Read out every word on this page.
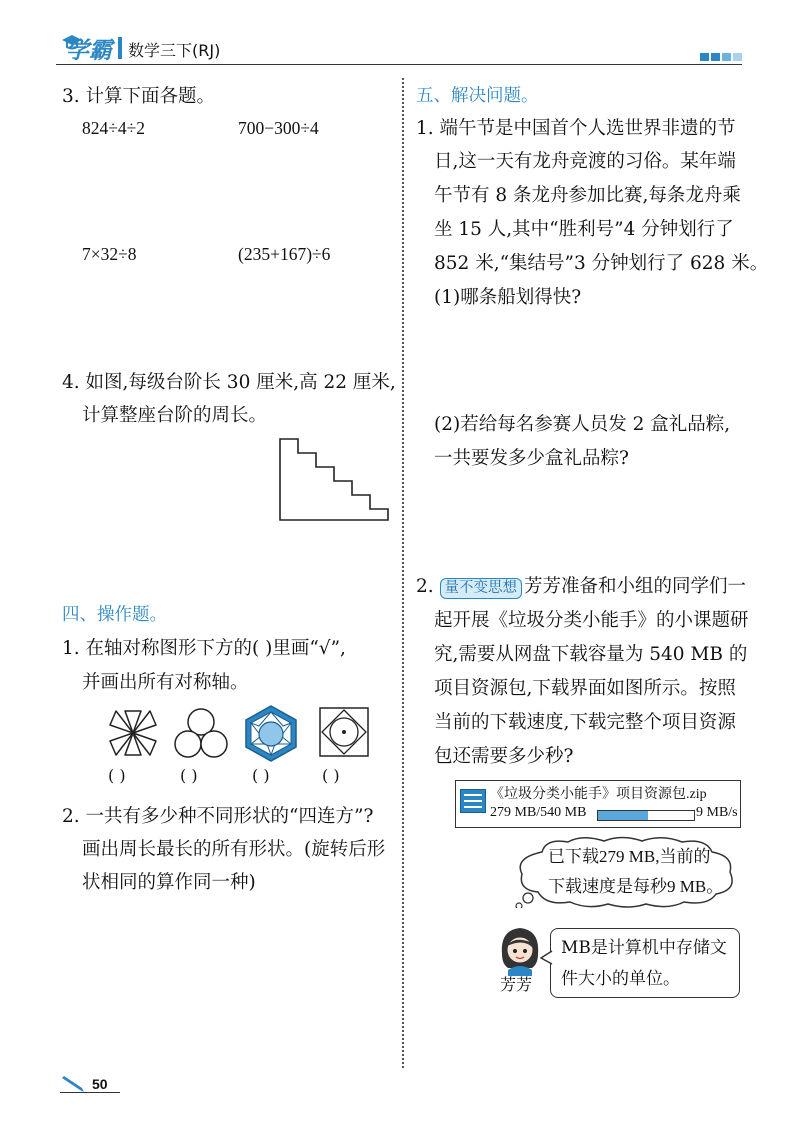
学霸 数学三下(RJ)
3. 计算下面各题。
824÷4÷2	700−300÷4
7×32÷8	(235+167)÷6
4. 如图,每级台阶长 30 厘米,高 22 厘米,
计算整座台阶的周长。
四、操作题。
1. 在轴对称图形下方的( )里画“√”,
并画出所有对称轴。
( )	( )	( )	( )
2. 一共有多少种不同形状的“四连方”?
画出周长最长的所有形状。(旋转后形
状相同的算作同一种)
五、解决问题。
1. 端午节是中国首个人选世界非遗的节
日,这一天有龙舟竞渡的习俗。某年端
午节有 8 条龙舟参加比赛,每条龙舟乘
坐 15 人,其中“胜利号”4 分钟划行了
852 米,“集结号”3 分钟划行了 628 米。
(1)哪条船划得快?
(2)若给每名参赛人员发 2 盒礼品粽,
一共要发多少盒礼品粽?
2. 量不变思想 芳芳准备和小组的同学们一
起开展《垃圾分类小能手》的小课题研
究,需要从网盘下载容量为 540 MB 的
项目资源包,下载界面如图所示。按照
当前的下载速度,下载完整个项目资源
包还需要多少秒?
《垃圾分类小能手》项目资源包.zip
279 MB/540 MB	9 MB/s
已下载279 MB,当前的
下载速度是每秒9 MB。
芳芳
MB是计算机中存储文
件大小的单位。
50
